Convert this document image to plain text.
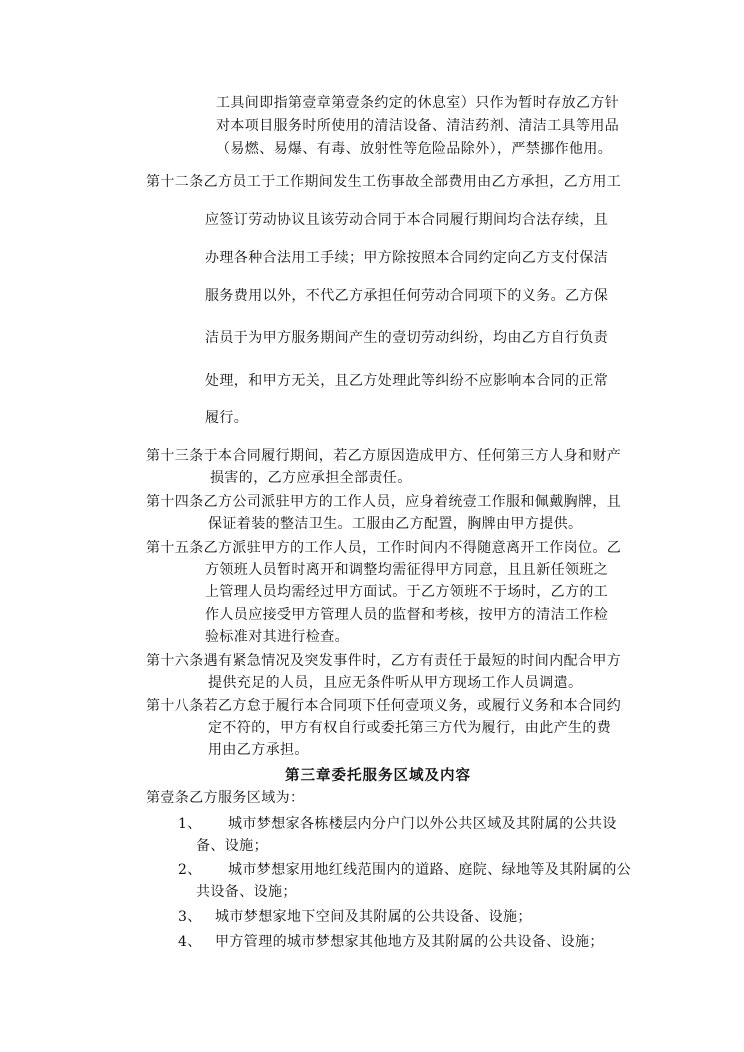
工具间即指第壹章第壹条约定的休息室）只作为暂时存放乙方针
对本项目服务时所使用的清洁设备、清洁药剂、清洁工具等用品
（易燃、易爆、有毒、放射性等危险品除外），严禁挪作他用。
第十二条乙方员工于工作期间发生工伤事故全部费用由乙方承担，乙方用工
应签订劳动协议且该劳动合同于本合同履行期间均合法存续，且
办理各种合法用工手续；甲方除按照本合同约定向乙方支付保洁
服务费用以外，不代乙方承担任何劳动合同项下的义务。乙方保
洁员于为甲方服务期间产生的壹切劳动纠纷，均由乙方自行负责
处理，和甲方无关，且乙方处理此等纠纷不应影响本合同的正常
履行。
第十三条于本合同履行期间，若乙方原因造成甲方、任何第三方人身和财产
损害的，乙方应承担全部责任。
第十四条乙方公司派驻甲方的工作人员，应身着统壹工作服和佩戴胸牌，且
保证着装的整洁卫生。工服由乙方配置，胸牌由甲方提供。
第十五条乙方派驻甲方的工作人员，工作时间内不得随意离开工作岗位。乙
方领班人员暂时离开和调整均需征得甲方同意，且且新任领班之
上管理人员均需经过甲方面试。于乙方领班不于场时，乙方的工
作人员应接受甲方管理人员的监督和考核，按甲方的清洁工作检
验标准对其进行检查。
第十六条遇有紧急情况及突发事件时，乙方有责任于最短的时间内配合甲方
提供充足的人员，且应无条件听从甲方现场工作人员调遣。
第十八条若乙方怠于履行本合同项下任何壹项义务，或履行义务和本合同约
定不符的，甲方有权自行或委托第三方代为履行，由此产生的费
用由乙方承担。
第三章委托服务区域及内容
第壹条乙方服务区域为：
1、 城市梦想家各栋楼层内分户门以外公共区域及其附属的公共设
备、设施；
2、 城市梦想家用地红线范围内的道路、庭院、绿地等及其附属的公
共设备、设施；
3、 城市梦想家地下空间及其附属的公共设备、设施；
4、 甲方管理的城市梦想家其他地方及其附属的公共设备、设施；
